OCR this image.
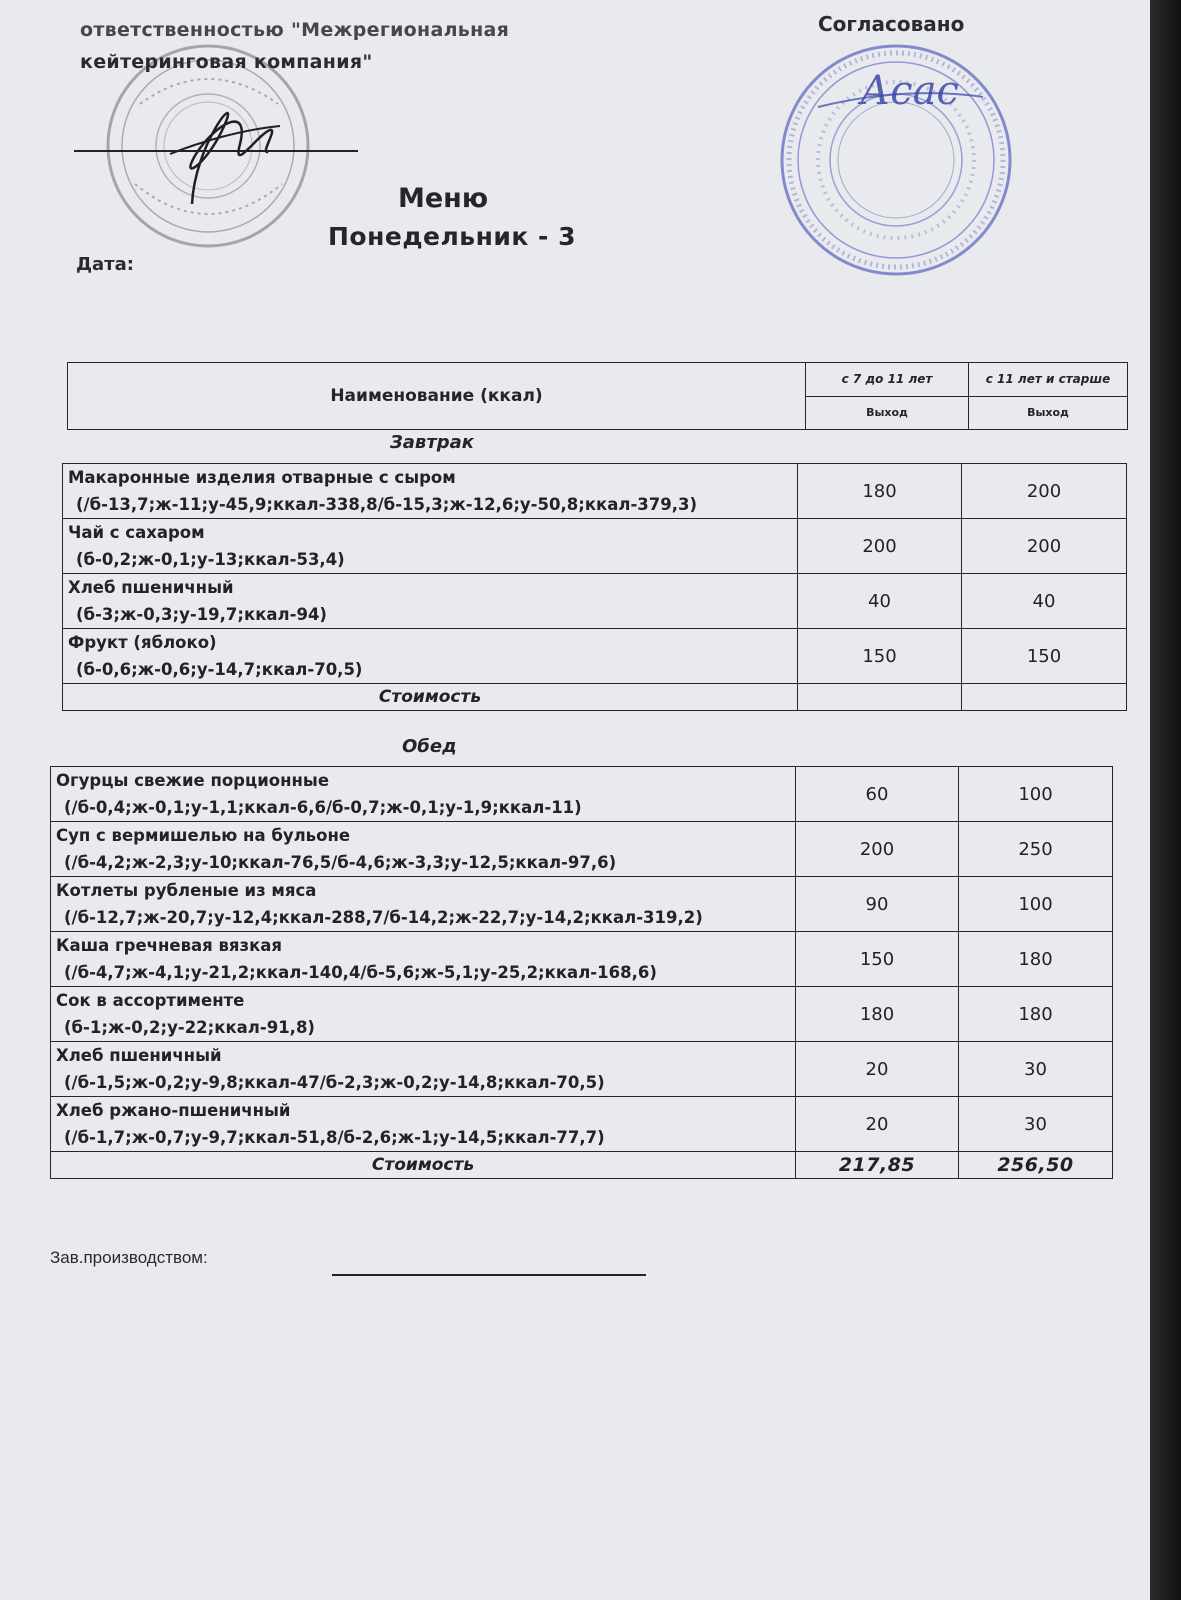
ответственностью "Межрегиональная
кейтеринговая компания"
Согласовано
Асас
Меню
Понедельник - 3
Дата:
Наименование (ккал)	с 7 до 11 лет	с 11 лет и старше
	Выход	Выход
Завтрак
Макаронные изделия отварные с сыром
(/б-13,7;ж-11;у-45,9;ккал-338,8/б-15,3;ж-12,6;у-50,8;ккал-379,3)	180	200

Чай с сахаром
(б-0,2;ж-0,1;у-13;ккал-53,4)	200	200

Хлеб пшеничный
(б-3;ж-0,3;у-19,7;ккал-94)	40	40

Фрукт (яблоко)
(б-0,6;ж-0,6;у-14,7;ккал-70,5)	150	150
Стоимость		
Обед
Огурцы свежие порционные
(/б-0,4;ж-0,1;у-1,1;ккал-6,6/б-0,7;ж-0,1;у-1,9;ккал-11)	60	100

Суп с вермишелью на бульоне
(/б-4,2;ж-2,3;у-10;ккал-76,5/б-4,6;ж-3,3;у-12,5;ккал-97,6)	200	250

Котлеты рубленые из мяса
(/б-12,7;ж-20,7;у-12,4;ккал-288,7/б-14,2;ж-22,7;у-14,2;ккал-319,2)	90	100

Каша гречневая вязкая
(/б-4,7;ж-4,1;у-21,2;ккал-140,4/б-5,6;ж-5,1;у-25,2;ккал-168,6)	150	180

Сок в ассортименте
(б-1;ж-0,2;у-22;ккал-91,8)	180	180

Хлеб пшеничный
(/б-1,5;ж-0,2;у-9,8;ккал-47/б-2,3;ж-0,2;у-14,8;ккал-70,5)	20	30

Хлеб ржано-пшеничный
(/б-1,7;ж-0,7;у-9,7;ккал-51,8/б-2,6;ж-1;у-14,5;ккал-77,7)	20	30
Стоимость	217,85	256,50
Зав.производством:
